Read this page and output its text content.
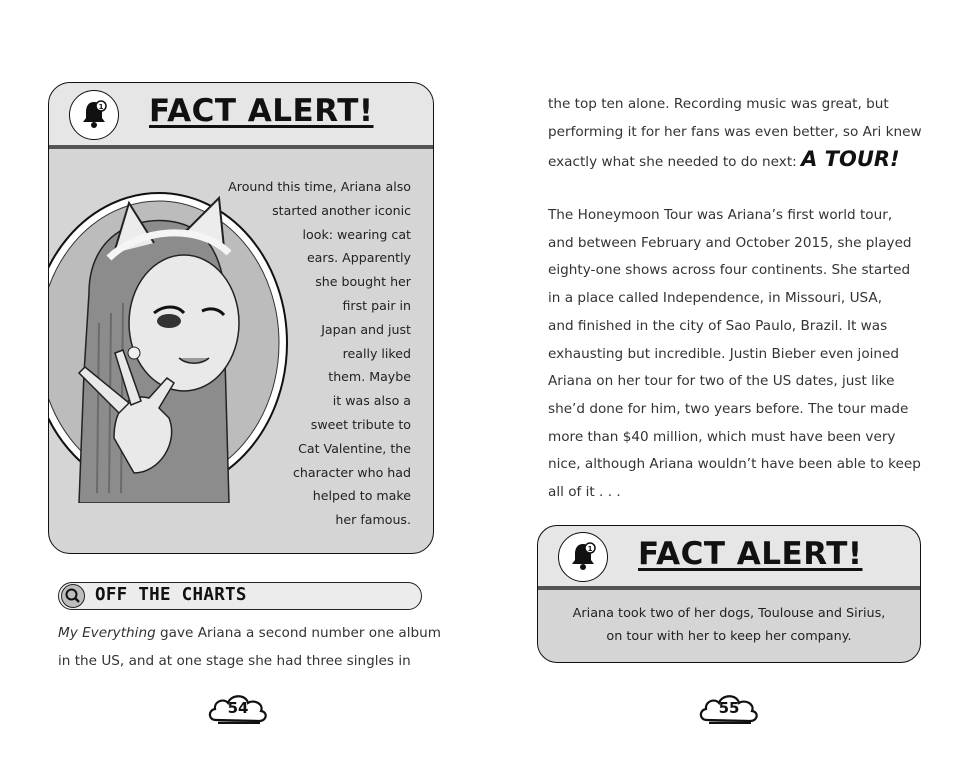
1 FACT ALERT!
Around this time, Ariana also
started another iconic
look: wearing cat
ears. Apparently
she bought her
first pair in
Japan and just
really liked
them. Maybe
it was also a
sweet tribute to
Cat Valentine, the
character who had
helped to make
her famous.
OFF THE CHARTS
My Everything gave Ariana a second number one album
in the US, and at one stage she had three singles in
54
the top ten alone. Recording music was great, but
performing it for her fans was even better, so Ari knew
exactly what she needed to do next: A TOUR!
The Honeymoon Tour was Ariana’s first world tour,
and between February and October 2015, she played
eighty-one shows across four continents. She started
in a place called Independence, in Missouri, USA,
and finished in the city of Sao Paulo, Brazil. It was
exhausting but incredible. Justin Bieber even joined
Ariana on her tour for two of the US dates, just like
she’d done for him, two years before. The tour made
more than $40 million, which must have been very
nice, although Ariana wouldn’t have been able to keep
all of it . . .
1 FACT ALERT!
Ariana took two of her dogs, Toulouse and Sirius,
on tour with her to keep her company.
55
